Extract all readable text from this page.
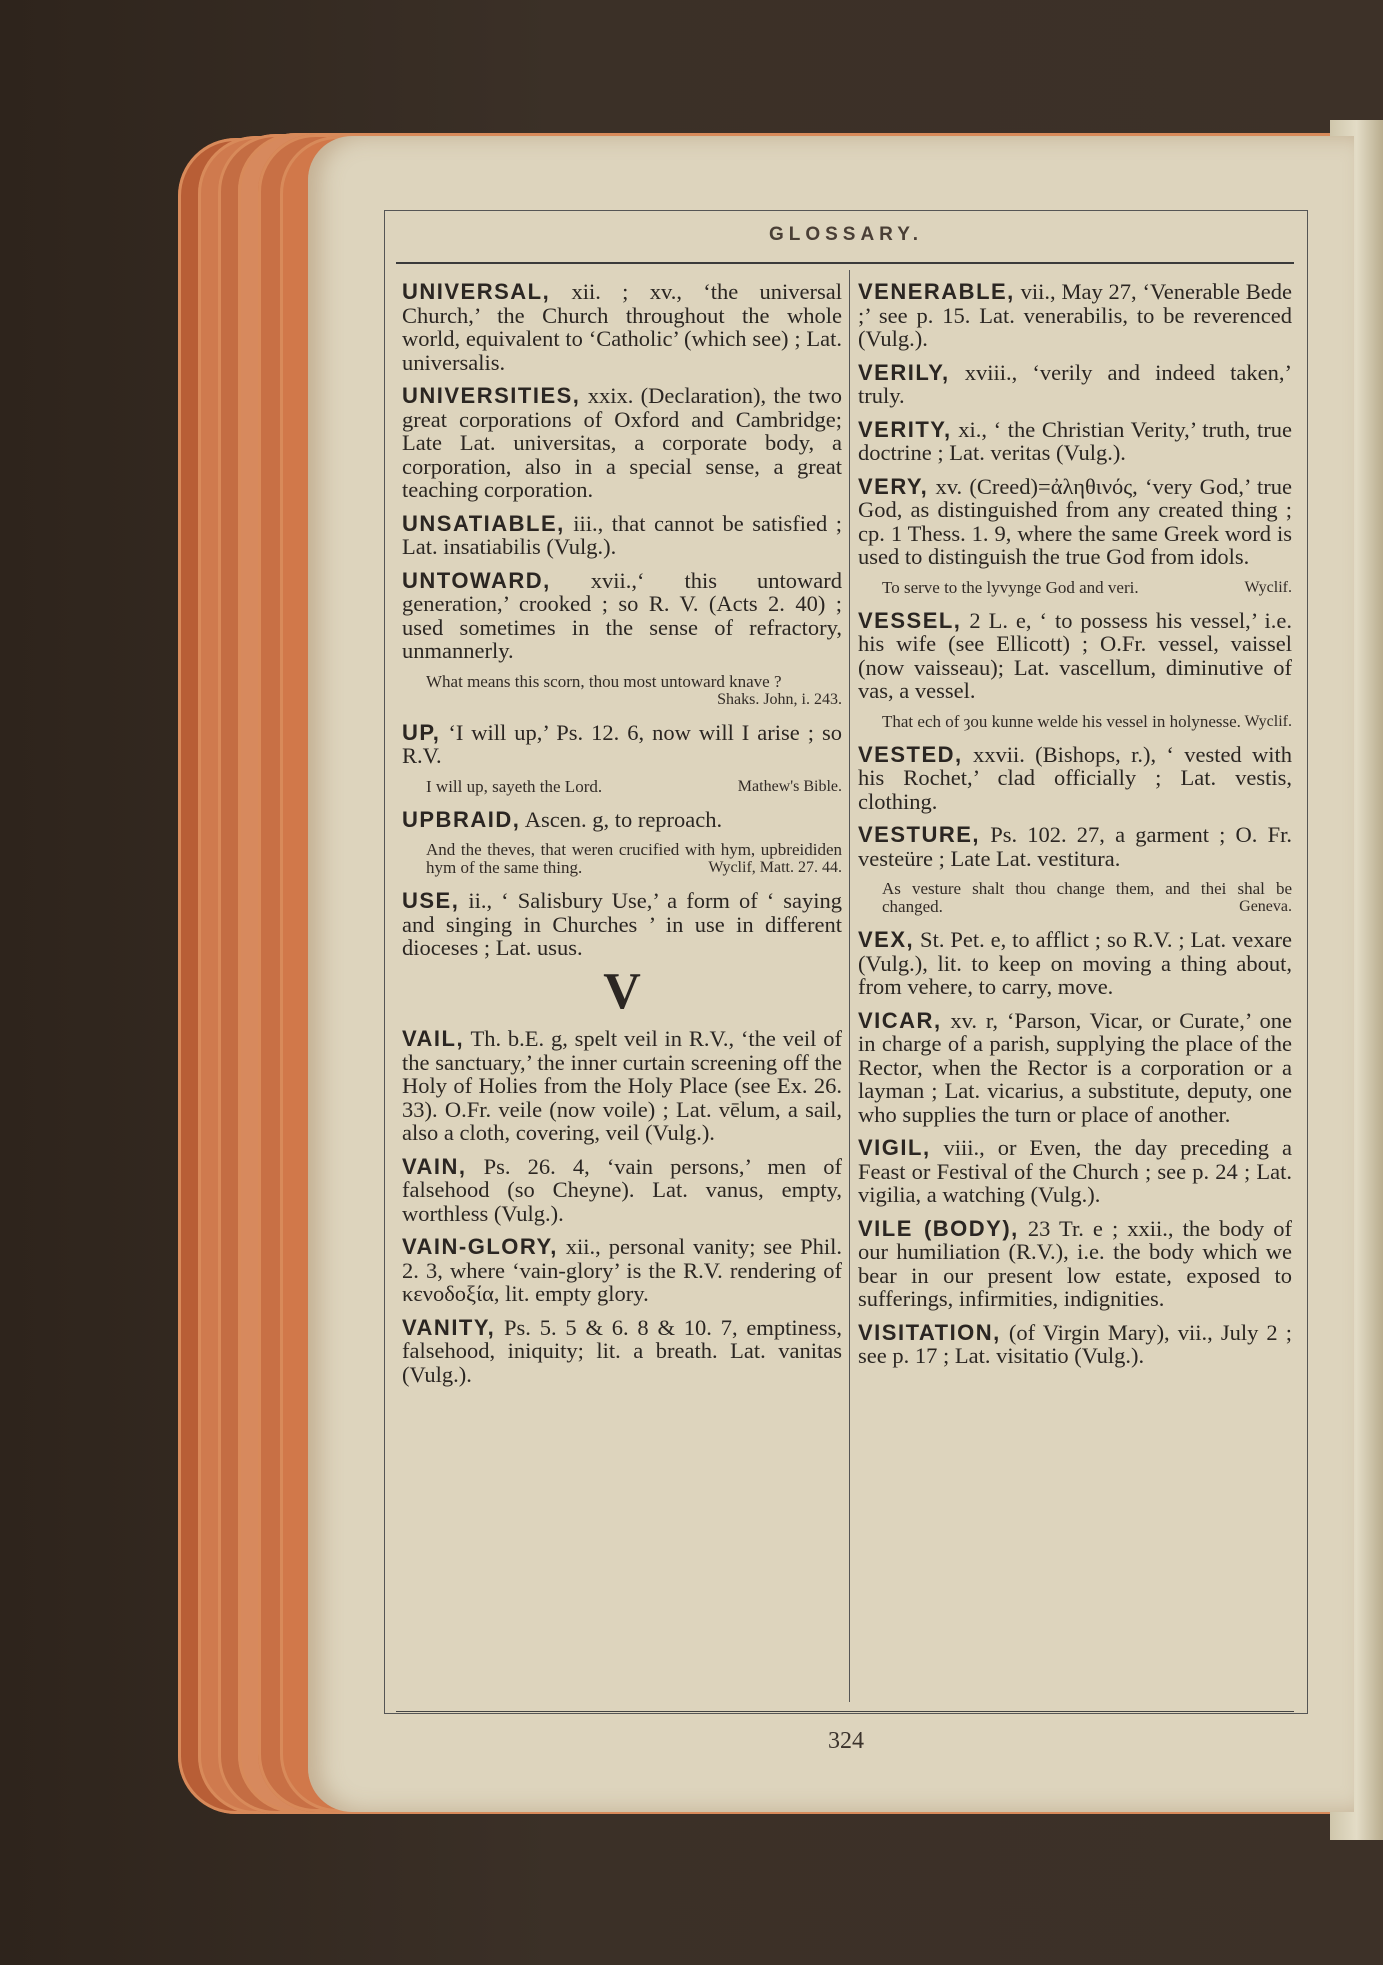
GLOSSARY.
UNIVERSAL, xii. ; xv., ‘the universal Church,’ the Church throughout the whole world, equivalent to ‘Catholic’ (which see) ; Lat. universalis.
UNIVERSITIES, xxix. (Declaration), the two great corporations of Oxford and Cambridge; Late Lat. universitas, a corporate body, a corporation, also in a special sense, a great teaching corporation.
UNSATIABLE, iii., that cannot be satisfied ; Lat. insatiabilis (Vulg.).
UNTOWARD, xvii.,‘ this untoward generation,’ crooked ; so R. V. (Acts 2. 40) ; used sometimes in the sense of refractory, unmannerly.
What means this scorn, thou most untoward knave ?
Shaks. John, i. 243.
UP, ‘I will up,’ Ps. 12. 6, now will I arise ; so R.V.
I will up, sayeth the Lord.	Mathew's Bible.
UPBRAID, Ascen. g, to reproach.
And the theves, that weren crucified with hym, upbreididen hym of the same thing.	Wyclif, Matt. 27. 44.
USE, ii., ‘ Salisbury Use,’ a form of ‘ saying and singing in Churches ’ in use in different dioceses ; Lat. usus.
V
VAIL, Th. b.E. g, spelt veil in R.V., ‘the veil of the sanctuary,’ the inner curtain screening off the Holy of Holies from the Holy Place (see Ex. 26. 33). O.Fr. veile (now voile) ; Lat. vēlum, a sail, also a cloth, covering, veil (Vulg.).
VAIN, Ps. 26. 4, ‘vain persons,’ men of falsehood (so Cheyne). Lat. vanus, empty, worthless (Vulg.).
VAIN-GLORY, xii., personal vanity; see Phil. 2. 3, where ‘vain-glory’ is the R.V. rendering of κενοδοξία, lit. empty glory.
VANITY, Ps. 5. 5 & 6. 8 & 10. 7, emptiness, falsehood, iniquity; lit. a breath. Lat. vanitas (Vulg.).
VENERABLE, vii., May 27, ‘Venerable Bede ;’ see p. 15. Lat. venerabilis, to be reverenced (Vulg.).
VERILY, xviii., ‘verily and indeed taken,’ truly.
VERITY, xi., ‘ the Christian Verity,’ truth, true doctrine ; Lat. veritas (Vulg.).
VERY, xv. (Creed)=ἀληθινός, ‘very God,’ true God, as distinguished from any created thing ; cp. 1 Thess. 1. 9, where the same Greek word is used to distinguish the true God from idols.
To serve to the lyvynge God and veri.	Wyclif.
VESSEL, 2 L. e, ‘ to possess his vessel,’ i.e. his wife (see Ellicott) ; O.Fr. vessel, vaissel (now vaisseau); Lat. vascellum, diminutive of vas, a vessel.
That ech of ȝou kunne welde his vessel in holynesse. Wyclif.
VESTED, xxvii. (Bishops, r.), ‘ vested with his Rochet,’ clad officially ; Lat. vestis, clothing.
VESTURE, Ps. 102. 27, a garment ; O. Fr. vesteüre ; Late Lat. vestitura.
As vesture shalt thou change them, and thei shal be changed.	Geneva.
VEX, St. Pet. e, to afflict ; so R.V. ; Lat. vexare (Vulg.), lit. to keep on moving a thing about, from vehere, to carry, move.
VICAR, xv. r, ‘Parson, Vicar, or Curate,’ one in charge of a parish, supplying the place of the Rector, when the Rector is a corporation or a layman ; Lat. vicarius, a substitute, deputy, one who supplies the turn or place of another.
VIGIL, viii., or Even, the day preceding a Feast or Festival of the Church ; see p. 24 ; Lat. vigilia, a watching (Vulg.).
VILE (BODY), 23 Tr. e ; xxii., the body of our humiliation (R.V.), i.e. the body which we bear in our present low estate, exposed to sufferings, infirmities, indignities.
VISITATION, (of Virgin Mary), vii., July 2 ; see p. 17 ; Lat. visitatio (Vulg.).
324
